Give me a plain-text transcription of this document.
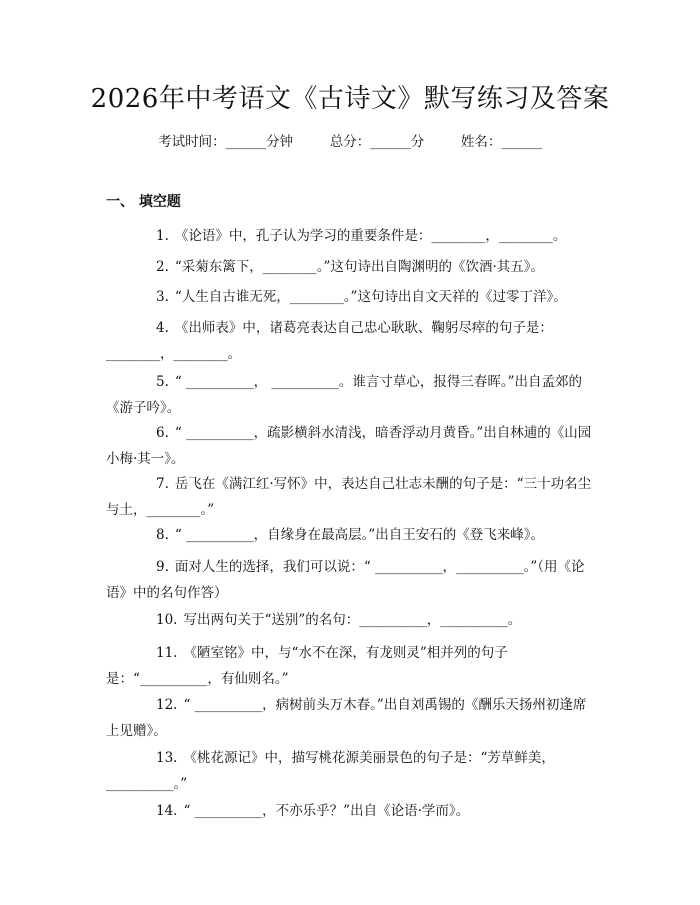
2026年中考语文《古诗文》默写练习及答案
考试时间：______分钟	总分：______分	姓名：______
一、 填空题
1. 《论语》中，孔子认为学习的重要条件是：________，________。
2. “采菊东篱下，________。”这句诗出自陶渊明的《饮酒·其五》。
3. “人生自古谁无死，________。”这句诗出自文天祥的《过零丁洋》。
4. 《出师表》中，诸葛亮表达自己忠心耿耿、鞠躬尽瘁的句子是：________，________。
5. “ __________， __________。谁言寸草心，报得三春晖。”出自孟郊的《游子吟》。
6. “ __________，疏影横斜水清浅，暗香浮动月黄昏。”出自林逋的《山园小梅·其一》。
7. 岳飞在《满江红·写怀》中，表达自己壮志未酬的句子是：“三十功名尘与土，________。”
8. “ __________，自缘身在最高层。”出自王安石的《登飞来峰》。
9. 面对人生的选择，我们可以说：“ __________，__________。”（用《论语》中的名句作答）
10. 写出两句关于“送别”的名句：__________，__________。
11. 《陋室铭》中，与“水不在深，有龙则灵”相并列的句子是：“__________，有仙则名。”
12. “ __________，病树前头万木春。”出自刘禹锡的《酬乐天扬州初逢席上见赠》。
13. 《桃花源记》中，描写桃花源美丽景色的句子是：“芳草鲜美，__________。”
14. “ __________，不亦乐乎？”出自《论语·学而》。
